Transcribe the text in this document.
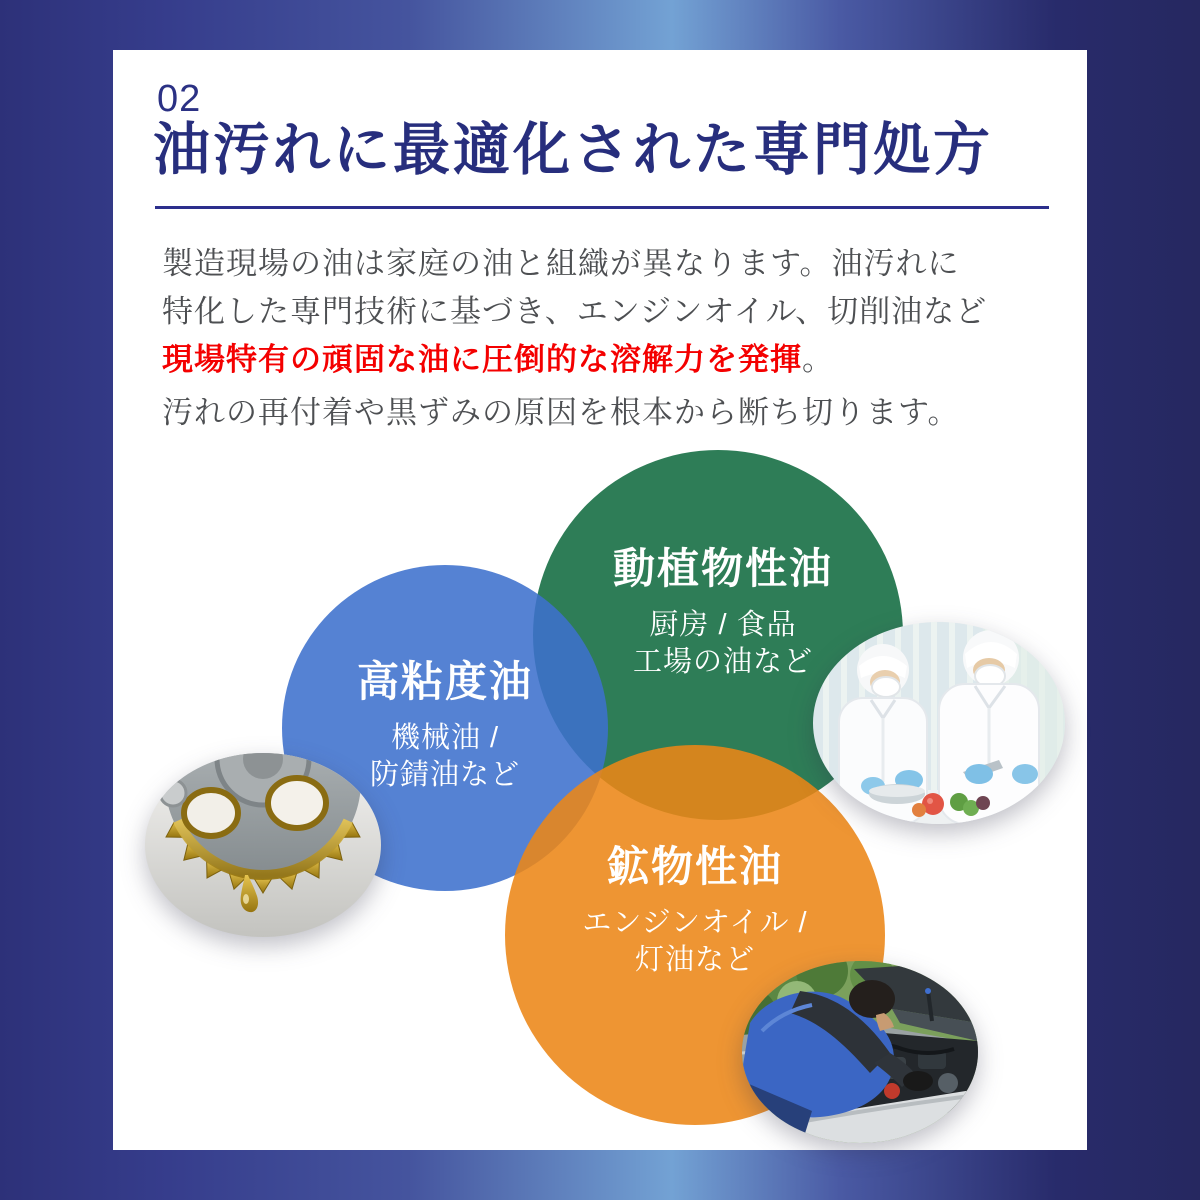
02
油汚れに最適化された専門処方

製造現場の油は家庭の油と組織が異なります。油汚れに

特化した専門技術に基づき、エンジンオイル、切削油など

現場特有の頑固な油に圧倒的な溶解力を発揮。

汚れの再付着や黒ずみの原因を根本から断ち切ります。

動植物性油
厨房 / 食品
工場の油など
高粘度油
機械油 /
防錆油など
鉱物性油
エンジンオイル /
灯油など
